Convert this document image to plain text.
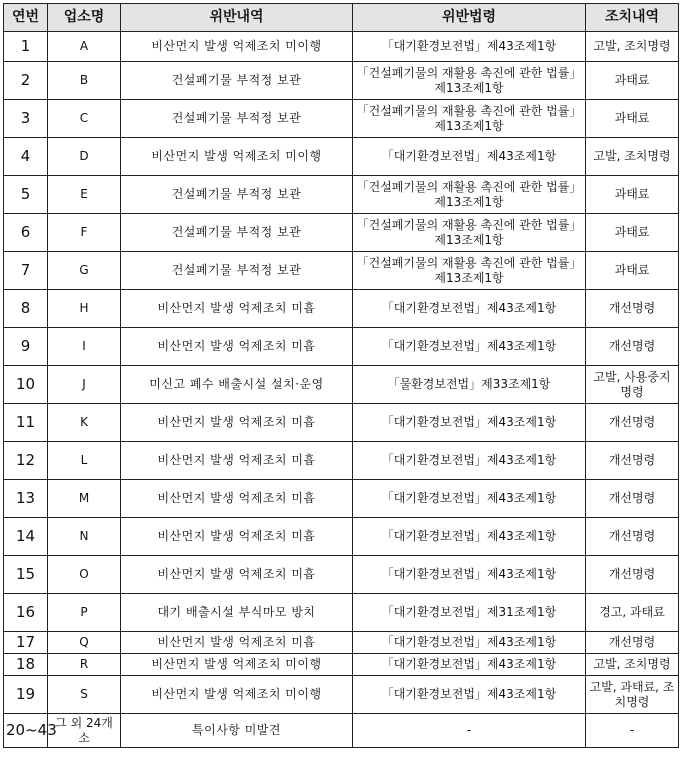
연번	업소명	위반내역	위반법령	조치내역
1	A	비산먼지 발생 억제조치 미이행	「대기환경보전법」제43조제1항	고발, 조치명령
2	B	건설폐기물 부적정 보관	「건설폐기물의 재활용 촉진에 관한 법률」제13조제1항	과태료
3	C	건설폐기물 부적정 보관	「건설폐기물의 재활용 촉진에 관한 법률」제13조제1항	과태료
4	D	비산먼지 발생 억제조치 미이행	「대기환경보전법」제43조제1항	고발, 조치명령
5	E	건설폐기물 부적정 보관	「건설폐기물의 재활용 촉진에 관한 법률」제13조제1항	과태료
6	F	건설폐기물 부적정 보관	「건설폐기물의 재활용 촉진에 관한 법률」제13조제1항	과태료
7	G	건설폐기물 부적정 보관	「건설폐기물의 재활용 촉진에 관한 법률」제13조제1항	과태료
8	H	비산먼지 발생 억제조치 미흡	「대기환경보전법」제43조제1항	개선명령
9	I	비산먼지 발생 억제조치 미흡	「대기환경보전법」제43조제1항	개선명령
10	J	미신고 폐수 배출시설 설치·운영	「물환경보전법」제33조제1항	고발, 사용중지명령
11	K	비산먼지 발생 억제조치 미흡	「대기환경보전법」제43조제1항	개선명령
12	L	비산먼지 발생 억제조치 미흡	「대기환경보전법」제43조제1항	개선명령
13	M	비산먼지 발생 억제조치 미흡	「대기환경보전법」제43조제1항	개선명령
14	N	비산먼지 발생 억제조치 미흡	「대기환경보전법」제43조제1항	개선명령
15	O	비산먼지 발생 억제조치 미흡	「대기환경보전법」제43조제1항	개선명령
16	P	대기 배출시설 부식마모 방치	「대기환경보전법」제31조제1항	경고, 과태료
17	Q	비산먼지 발생 억제조치 미흡	「대기환경보전법」제43조제1항	개선명령
18	R	비산먼지 발생 억제조치 미이행	「대기환경보전법」제43조제1항	고발, 조치명령
19	S	비산먼지 발생 억제조치 미이행	「대기환경보전법」제43조제1항	고발, 과태료, 조치명령
20~43	그 외 24개소	특이사항 미발견	-	-
